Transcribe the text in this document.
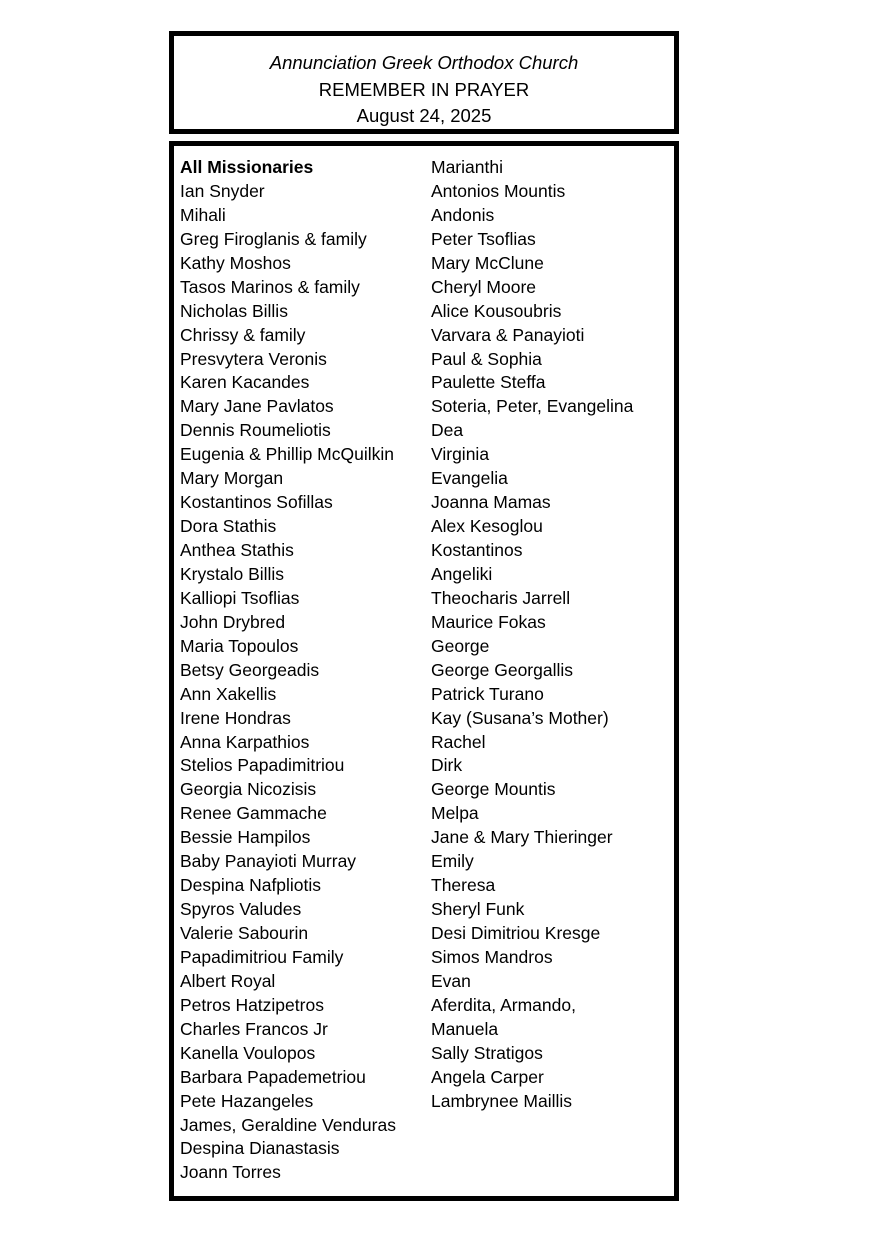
Annunciation Greek Orthodox Church
REMEMBER IN PRAYER
August 24, 2025
All Missionaries
Ian Snyder
Mihali
Greg Firoglanis & family
Kathy Moshos
Tasos Marinos & family
Nicholas Billis
Chrissy & family
Presvytera Veronis
Karen Kacandes
Mary Jane Pavlatos
Dennis Roumeliotis
Eugenia & Phillip McQuilkin
Mary Morgan
Kostantinos Sofillas
Dora Stathis
Anthea Stathis
Krystalo Billis
Kalliopi Tsoflias
John Drybred
Maria Topoulos
Betsy Georgeadis
Ann Xakellis
Irene Hondras
Anna Karpathios
Stelios Papadimitriou
Georgia Nicozisis
Renee Gammache
Bessie Hampilos
Baby Panayioti Murray
Despina Nafpliotis
Spyros Valudes
Valerie Sabourin
Papadimitriou Family
Albert Royal
Petros Hatzipetros
Charles Francos Jr
Kanella Voulopos
Barbara Papademetriou
Pete Hazangeles
James, Geraldine Venduras
Despina Dianastasis
Joann Torres
Marianthi
Antonios Mountis
Andonis
Peter Tsoflias
Mary McClune
Cheryl Moore
Alice Kousoubris
Varvara & Panayioti
Paul & Sophia
Paulette Steffa
Soteria, Peter, Evangelina
Dea
Virginia
Evangelia
Joanna Mamas
Alex Kesoglou
Kostantinos
Angeliki
Theocharis Jarrell
Maurice Fokas
George
George Georgallis
Patrick Turano
Kay (Susana’s Mother)
Rachel
Dirk
George Mountis
Melpa
Jane & Mary Thieringer
Emily
Theresa
Sheryl Funk
Desi Dimitriou Kresge
Simos Mandros
Evan
Aferdita, Armando,
Manuela
Sally Stratigos
Angela Carper
Lambrynee Maillis
